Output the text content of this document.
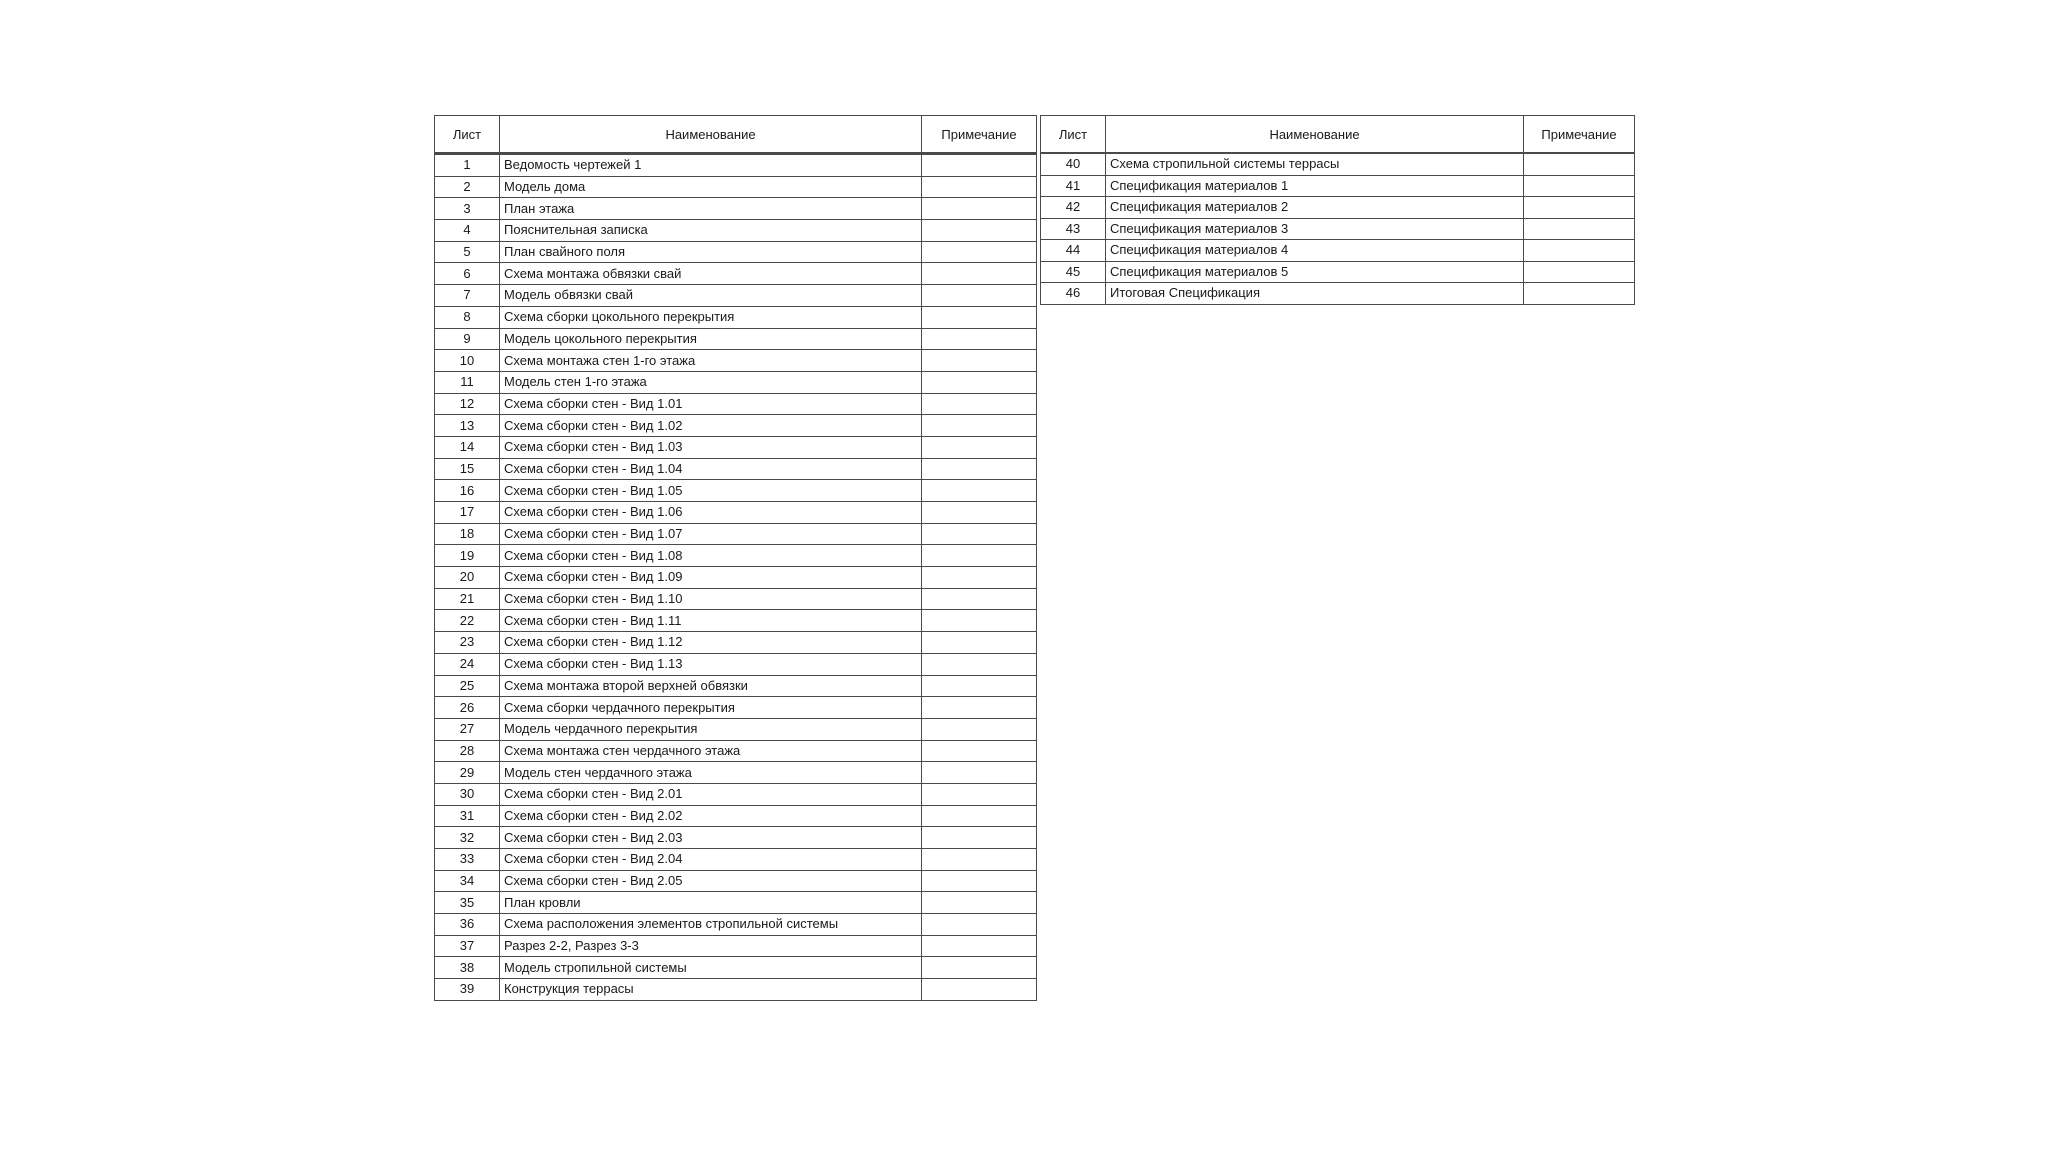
Лист	Наименование	Примечание
1	Ведомость чертежей 1	
2	Модель дома	
3	План этажа	
4	Пояснительная записка	
5	План свайного поля	
6	Схема монтажа обвязки свай	
7	Модель обвязки свай	
8	Схема сборки цокольного перекрытия	
9	Модель цокольного перекрытия	
10	Схема монтажа стен 1-го этажа	
11	Модель стен 1-го этажа	
12	Схема сборки стен - Вид 1.01	
13	Схема сборки стен - Вид 1.02	
14	Схема сборки стен - Вид 1.03	
15	Схема сборки стен - Вид 1.04	
16	Схема сборки стен - Вид 1.05	
17	Схема сборки стен - Вид 1.06	
18	Схема сборки стен - Вид 1.07	
19	Схема сборки стен - Вид 1.08	
20	Схема сборки стен - Вид 1.09	
21	Схема сборки стен - Вид 1.10	
22	Схема сборки стен - Вид 1.11	
23	Схема сборки стен - Вид 1.12	
24	Схема сборки стен - Вид 1.13	
25	Схема монтажа второй верхней обвязки	
26	Схема сборки чердачного перекрытия	
27	Модель чердачного перекрытия	
28	Схема монтажа стен чердачного этажа	
29	Модель стен чердачного этажа	
30	Схема сборки стен - Вид 2.01	
31	Схема сборки стен - Вид 2.02	
32	Схема сборки стен - Вид 2.03	
33	Схема сборки стен - Вид 2.04	
34	Схема сборки стен - Вид 2.05	
35	План кровли	
36	Схема расположения элементов стропильной системы	
37	Разрез 2-2, Разрез 3-3	
38	Модель стропильной системы	
39	Конструкция террасы	
Лист	Наименование	Примечание
40	Схема стропильной системы террасы	
41	Спецификация материалов 1	
42	Спецификация материалов 2	
43	Спецификация материалов 3	
44	Спецификация материалов 4	
45	Спецификация материалов 5	
46	Итоговая Спецификация	
